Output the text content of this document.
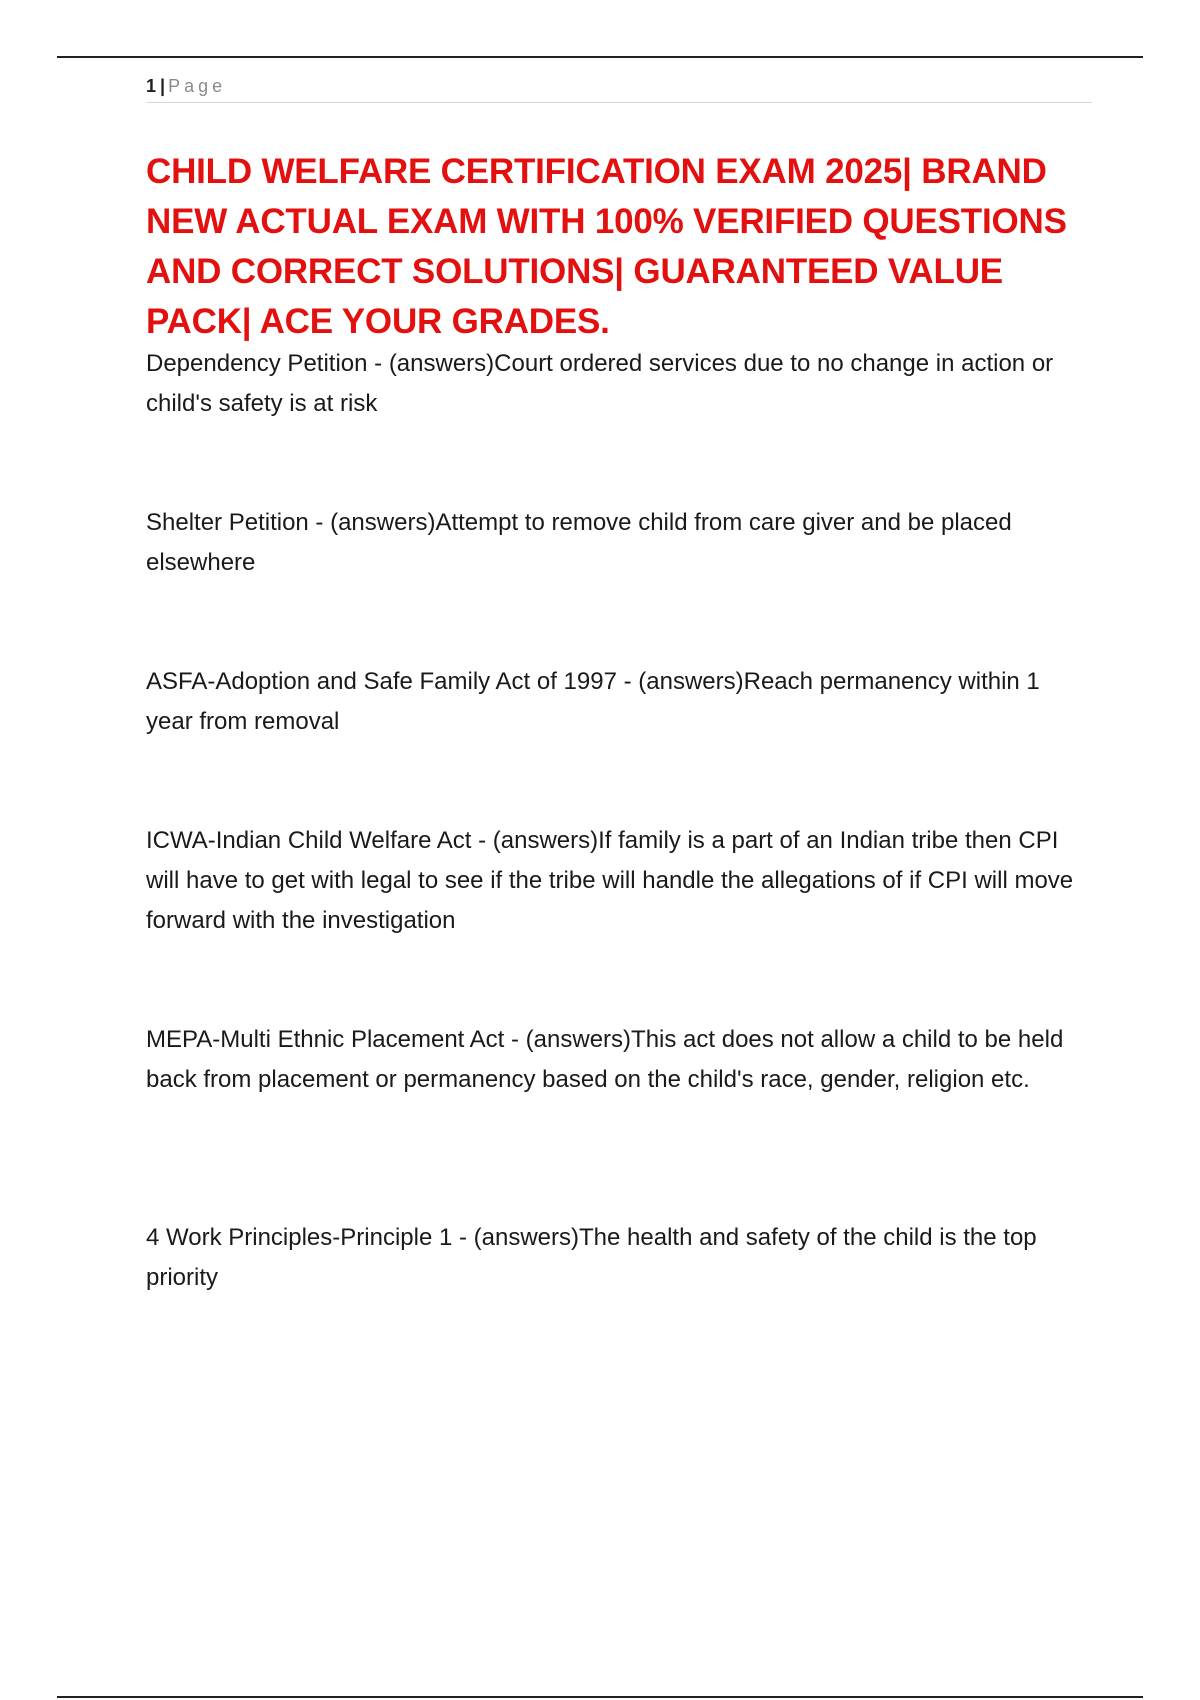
1 | Page
CHILD WELFARE CERTIFICATION EXAM 2025| BRAND NEW ACTUAL EXAM WITH 100% VERIFIED QUESTIONS AND CORRECT SOLUTIONS| GUARANTEED VALUE PACK| ACE YOUR GRADES.

Dependency Petition - (answers)Court ordered services due to no change in action or child's safety is at risk

Shelter Petition - (answers)Attempt to remove child from care giver and be placed elsewhere

ASFA-Adoption and Safe Family Act of 1997 - (answers)Reach permanency within 1 year from removal

ICWA-Indian Child Welfare Act - (answers)If family is a part of an Indian tribe then CPI will have to get with legal to see if the tribe will handle the allegations of if CPI will move forward with the investigation

MEPA-Multi Ethnic Placement Act - (answers)This act does not allow a child to be held back from placement or permanency based on the child's race, gender, religion etc.

4 Work Principles-Principle 1 - (answers)The health and safety of the child is the top priority
